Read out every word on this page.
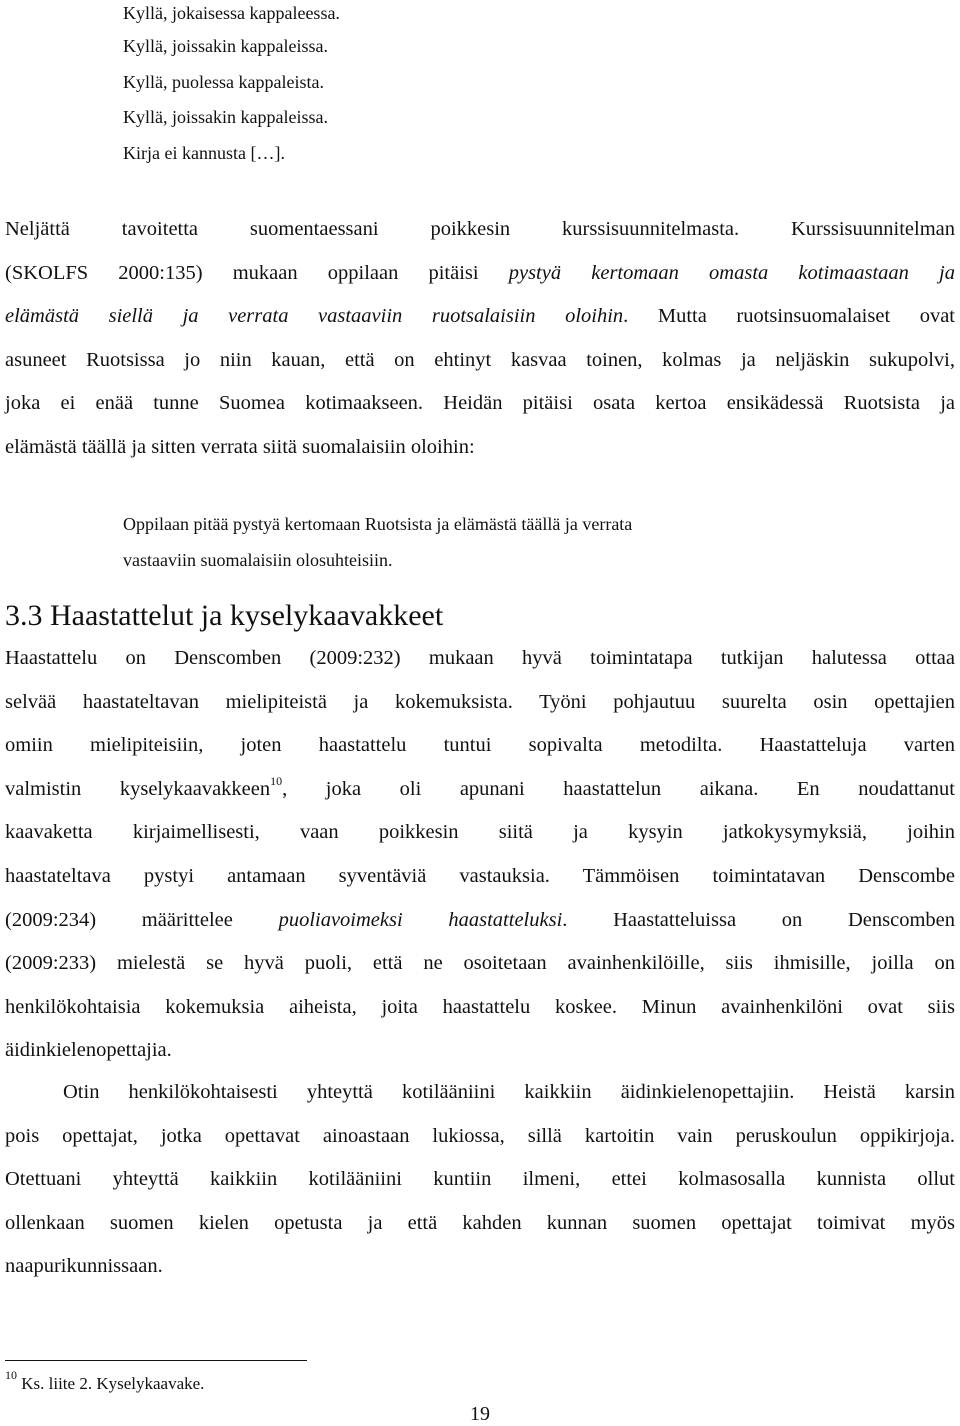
Kyllä, jokaisessa kappaleessa.
Kyllä, joissakin kappaleissa.
Kyllä, puolessa kappaleista.
Kyllä, joissakin kappaleissa.
Kirja ei kannusta […].
Neljättä tavoitetta suomentaessani poikkesin kurssisuunnitelmasta. Kurssisuunnitelman
(SKOLFS 2000:135) mukaan oppilaan pitäisi pystyä kertomaan omasta kotimaastaan ja
elämästä siellä ja verrata vastaaviin ruotsalaisiin oloihin. Mutta ruotsinsuomalaiset ovat
asuneet Ruotsissa jo niin kauan, että on ehtinyt kasvaa toinen, kolmas ja neljäskin sukupolvi,
joka ei enää tunne Suomea kotimaakseen. Heidän pitäisi osata kertoa ensikädessä Ruotsista ja
elämästä täällä ja sitten verrata siitä suomalaisiin oloihin:
Oppilaan pitää pystyä kertomaan Ruotsista ja elämästä täällä ja verrata
vastaaviin suomalaisiin olosuhteisiin.
3.3 Haastattelut ja kyselykaavakkeet
Haastattelu on Denscomben (2009:232) mukaan hyvä toimintatapa tutkijan halutessa ottaa
selvää haastateltavan mielipiteistä ja kokemuksista. Työni pohjautuu suurelta osin opettajien
omiin mielipiteisiin, joten haastattelu tuntui sopivalta metodilta. Haastatteluja varten
valmistin kyselykaavakkeen$^{10}$, joka oli apunani haastattelun aikana. En noudattanut
kaavaketta kirjaimellisesti, vaan poikkesin siitä ja kysyin jatkokysymyksiä, joihin
haastateltava pystyi antamaan syventäviä vastauksia. Tämmöisen toimintatavan Denscombe
(2009:234) määrittelee puoliavoimeksi haastatteluksi. Haastatteluissa on Denscomben
(2009:233) mielestä se hyvä puoli, että ne osoitetaan avainhenkilöille, siis ihmisille, joilla on
henkilökohtaisia kokemuksia aiheista, joita haastattelu koskee. Minun avainhenkilöni ovat siis
äidinkielenopettajia.
Otin henkilökohtaisesti yhteyttä kotilääniini kaikkiin äidinkielenopettajiin. Heistä karsin
pois opettajat, jotka opettavat ainoastaan lukiossa, sillä kartoitin vain peruskoulun oppikirjoja.
Otettuani yhteyttä kaikkiin kotilääniini kuntiin ilmeni, ettei kolmasosalla kunnista ollut
ollenkaan suomen kielen opetusta ja että kahden kunnan suomen opettajat toimivat myös
naapurikunnissaan.
$^{10}$ Ks. liite 2. Kyselykaavake.
19
